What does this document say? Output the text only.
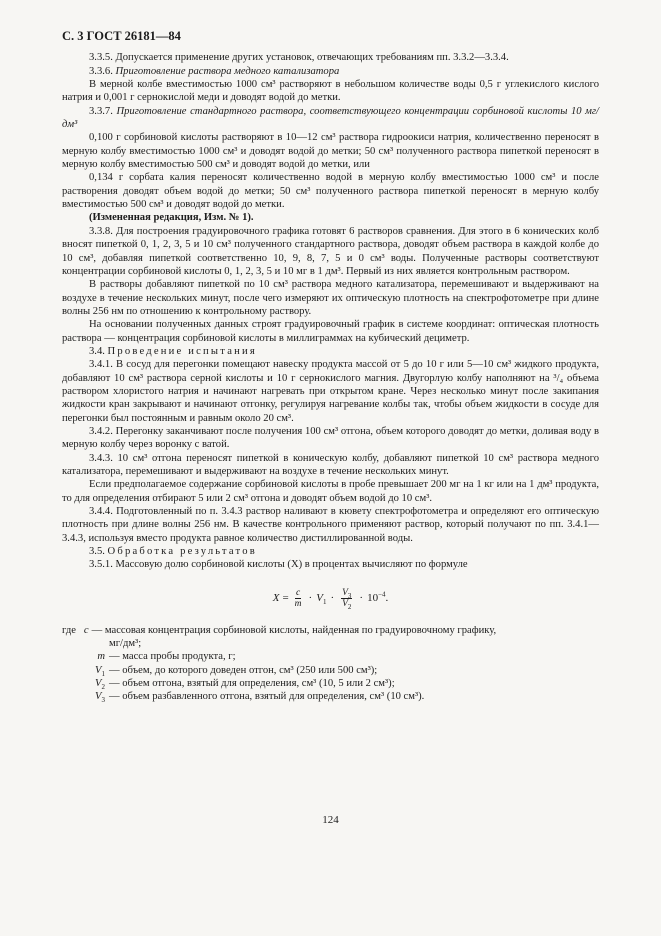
С. 3 ГОСТ 26181—84

3.3.5. Допускается применение других установок, отвечающих требованиям пп. 3.3.2—3.3.4.

3.3.6. Приготовление раствора медного катализатора

В мерной колбе вместимостью 1000 см³ растворяют в небольшом количестве воды 0,5 г углекислого кислого натрия и 0,001 г сернокислой меди и доводят водой до метки.

3.3.7. Приготовление стандартного раствора, соответствующего концентрации сорбиновой кислоты 10 мг/дм³

0,100 г сорбиновой кислоты растворяют в 10—12 см³ раствора гидроокиси натрия, количественно переносят в мерную колбу вместимостью 1000 см³ и доводят водой до метки; 50 см³ полученного раствора пипеткой переносят в мерную колбу вместимостью 500 см³ и доводят водой до метки, или

0,134 г сорбата калия переносят количественно водой в мерную колбу вместимостью 1000 см³ и после растворения доводят объем водой до метки; 50 см³ полученного раствора пипеткой переносят в мерную колбу вместимостью 500 см³ и доводят водой до метки.

(Измененная редакция, Изм. № 1).

3.3.8. Для построения градуировочного графика готовят 6 растворов сравнения. Для этого в 6 конических колб вносят пипеткой 0, 1, 2, 3, 5 и 10 см³ полученного стандартного раствора, доводят объем раствора в каждой колбе до 10 см³, добавляя пипеткой соответственно 10, 9, 8, 7, 5 и 0 см³ воды. Полученные растворы соответствуют концентрации сорбиновой кислоты 0, 1, 2, 3, 5 и 10 мг в 1 дм³. Первый из них является контрольным раствором.

В растворы добавляют пипеткой по 10 см³ раствора медного катализатора, перемешивают и выдерживают на воздухе в течение нескольких минут, после чего измеряют их оптическую плотность на спектрофотометре при длине волны 256 нм по отношению к контрольному раствору.

На основании полученных данных строят градуировочный график в системе координат: оптическая плотность раствора — концентрация сорбиновой кислоты в миллиграммах на кубический дециметр.

3.4. Проведение испытания

3.4.1. В сосуд для перегонки помещают навеску продукта массой от 5 до 10 г или 5—10 см³ жидкого продукта, добавляют 10 см³ раствора серной кислоты и 10 г сернокислого магния. Двугорлую колбу наполняют на ³/₄ объема раствором хлористого натрия и начинают нагревать при открытом кране. Через несколько минут после закипания жидкости кран закрывают и начинают отгонку, регулируя нагревание колбы так, чтобы объем жидкости в сосуде для перегонки был постоянным и равным около 20 см³.

3.4.2. Перегонку заканчивают после получения 100 см³ отгона, объем которого доводят до метки, доливая воду в мерную колбу через воронку с ватой.

3.4.3. 10 см³ отгона переносят пипеткой в коническую колбу, добавляют пипеткой 10 см³ раствора медного катализатора, перемешивают и выдерживают на воздухе в течение нескольких минут.

Если предполагаемое содержание сорбиновой кислоты в пробе превышает 200 мг на 1 кг или на 1 дм³ продукта, то для определения отбирают 5 или 2 см³ отгона и доводят объем водой до 10 см³.

3.4.4. Подготовленный по п. 3.4.3 раствор наливают в кювету спектрофотометра и определяют его оптическую плотность при длине волны 256 нм. В качестве контрольного применяют раствор, который получают по пп. 3.4.1—3.4.3, используя вместо продукта равное количество дистиллированной воды.

3.5. Обработка результатов

3.5.1. Массовую долю сорбиновой кислоты (X) в процентах вычисляют по формуле

$X = \frac{c}{m} \cdot V_1 \cdot \frac{V_3}{V_2} \cdot 10^{-4}$ .
где c — массовая концентрация сорбиновой кислоты, найденная по градуировочному графику,
мг/дм³;
m — масса пробы продукта, г;
$V_1$ — объем, до которого доведен отгон, см³ (250 или 500 см³);
$V_2$ — объем отгона, взятый для определения, см³ (10, 5 или 2 см³);
$V_3$ — объем разбавленного отгона, взятый для определения, см³ (10 см³).
124
